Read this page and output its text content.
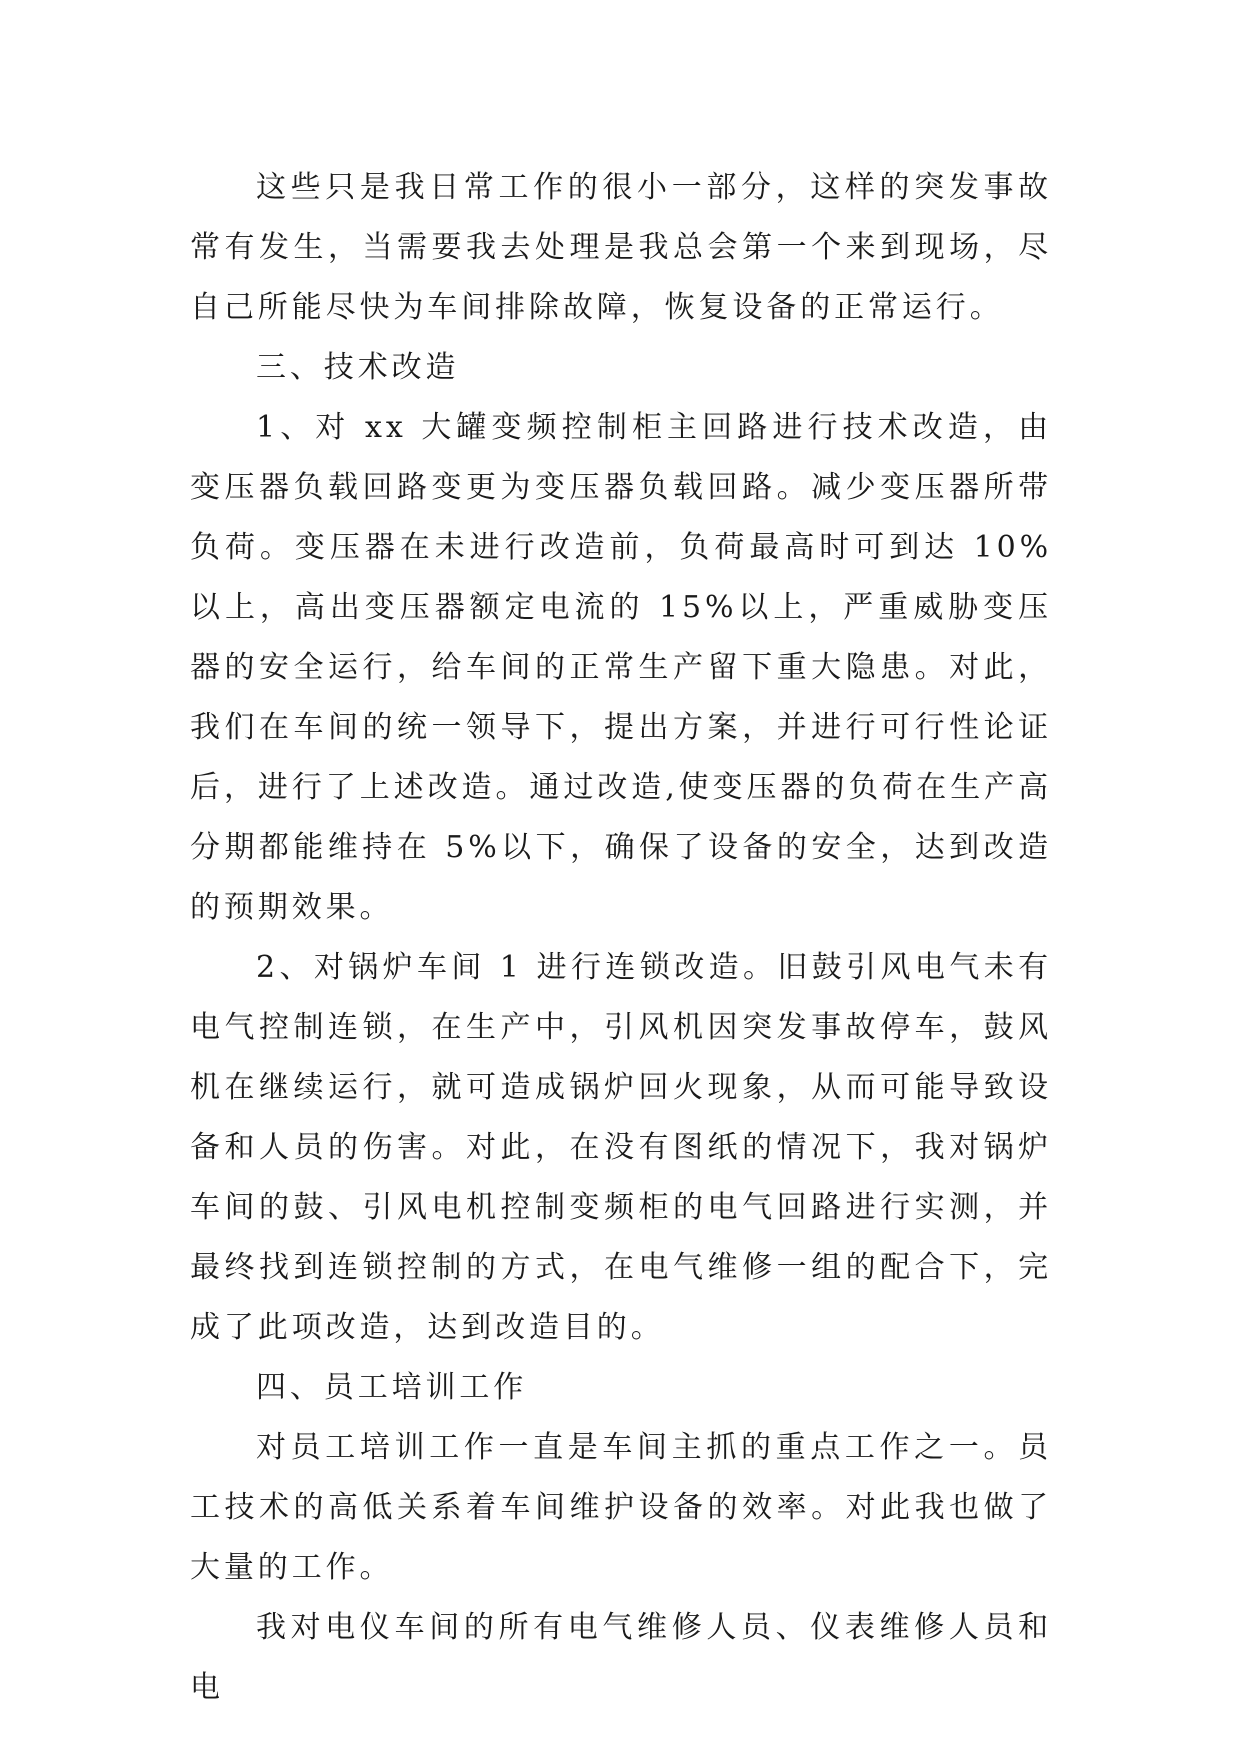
这些只是我日常工作的很小一部分，这样的突发事故常有发生，当需要我去处理是我总会第一个来到现场，尽自己所能尽快为车间排除故障，恢复设备的正常运行。

三、技术改造

1、对 xx 大罐变频控制柜主回路进行技术改造，由变压器负载回路变更为变压器负载回路。减少变压器所带负荷。变压器在未进行改造前，负荷最高时可到达 10%以上，高出变压器额定电流的 15%以上，严重威胁变压器的安全运行，给车间的正常生产留下重大隐患。对此，我们在车间的统一领导下，提出方案，并进行可行性论证后，进行了上述改造。通过改造,使变压器的负荷在生产高分期都能维持在 5%以下，确保了设备的安全，达到改造的预期效果。

2、对锅炉车间 1 进行连锁改造。旧鼓引风电气未有电气控制连锁，在生产中，引风机因突发事故停车，鼓风机在继续运行，就可造成锅炉回火现象，从而可能导致设备和人员的伤害。对此，在没有图纸的情况下，我对锅炉车间的鼓、引风电机控制变频柜的电气回路进行实测，并最终找到连锁控制的方式，在电气维修一组的配合下，完成了此项改造，达到改造目的。

四、员工培训工作

对员工培训工作一直是车间主抓的重点工作之一。员工技术的高低关系着车间维护设备的效率。对此我也做了大量的工作。

我对电仪车间的所有电气维修人员、仪表维修人员和电
